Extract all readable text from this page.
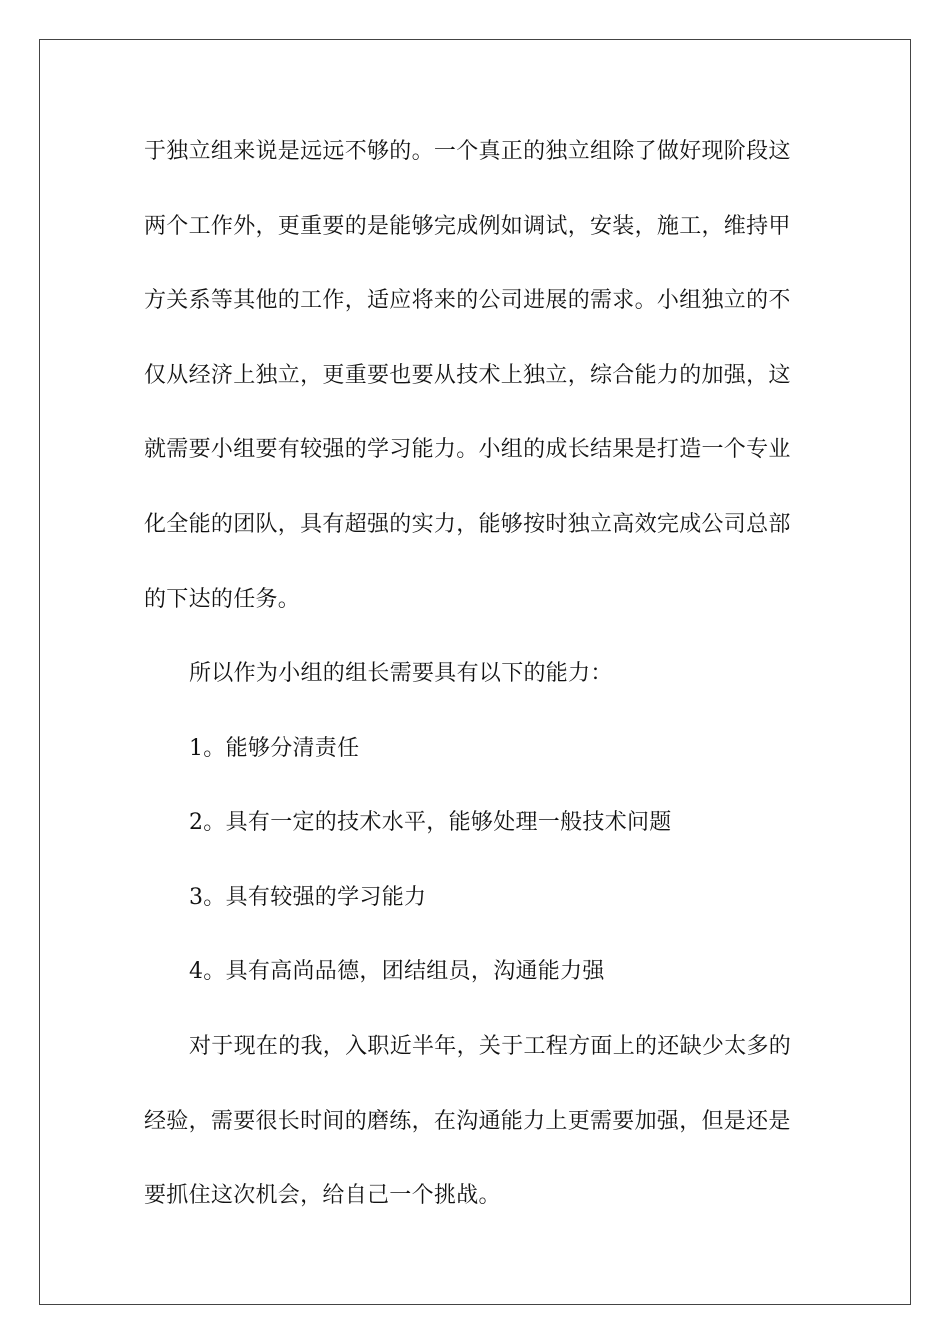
于独立组来说是远远不够的。一个真正的独立组除了做好现阶段这
两个工作外，更重要的是能够完成例如调试，安装，施工，维持甲
方关系等其他的工作，适应将来的公司进展的需求。小组独立的不
仅从经济上独立，更重要也要从技术上独立，综合能力的加强，这
就需要小组要有较强的学习能力。小组的成长结果是打造一个专业
化全能的团队，具有超强的实力，能够按时独立高效完成公司总部
的下达的任务。
所以作为小组的组长需要具有以下的能力：
1。能够分清责任
2。具有一定的技术水平，能够处理一般技术问题
3。具有较强的学习能力
4。具有高尚品德，团结组员，沟通能力强
对于现在的我，入职近半年，关于工程方面上的还缺少太多的
经验，需要很长时间的磨练，在沟通能力上更需要加强，但是还是
要抓住这次机会，给自己一个挑战。
